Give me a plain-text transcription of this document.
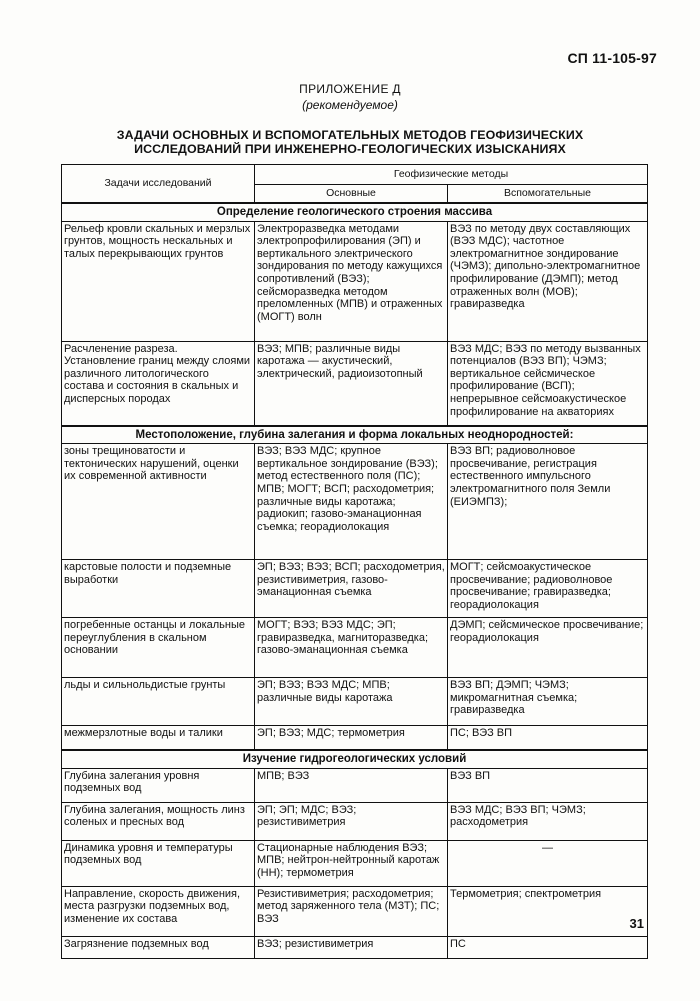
СП 11-105-97
ПРИЛОЖЕНИЕ Д
(рекомендуемое)
ЗАДАЧИ ОСНОВНЫХ И ВСПОМОГАТЕЛЬНЫХ МЕТОДОВ ГЕОФИЗИЧЕСКИХ
ИССЛЕДОВАНИЙ ПРИ ИНЖЕНЕРНО-ГЕОЛОГИЧЕСКИХ ИЗЫСКАНИЯХ
Задачи исследований	Геофизические методы	
	Основные	Вспомогательные
Определение геологического строения массива		
Рельеф кровли скальных и мерзлых грунтов, мощность нескальных и талых перекрывающих грунтов	Электроразведка методами электропрофилирования (ЭП) и вертикального электрического зондирования по методу кажущихся сопротивлений (ВЭЗ); сейсморазведка методом преломленных (МПВ) и отраженных (МОГТ) волн	ВЭЗ по методу двух составляющих (ВЭЗ МДС); частотное электромагнитное зондирование (ЧЭМЗ); дипольно-электромагнитное профилирование (ДЭМП); метод отраженных волн (МОВ); гравиразведка
Расчленение разреза. Установление границ между слоями различного литологического состава и состояния в скальных и дисперсных породах	ВЭЗ; МПВ; различные виды каротажа — акустический, электрический, радиоизотопный	ВЭЗ МДС; ВЭЗ по методу вызванных потенциалов (ВЭЗ ВП); ЧЭМЗ; вертикальное сейсмическое профилирование (ВСП); непрерывное сейсмоакустическое профилирование на акваториях
Местоположение, глубина залегания и форма локальных неоднородностей:		
зоны трещиноватости и тектонических нарушений, оценки их современной активности	ВЭЗ; ВЭЗ МДС; крупное вертикальное зондирование (ВЭЗ); метод естественного поля (ПС); МПВ; МОГТ; ВСП; расходометрия; различные виды каротажа; радиокип; газово-эманационная съемка; георадиолокация	ВЭЗ ВП; радиоволновое просвечивание, регистрация естественного импульсного электромагнитного поля Земли (ЕИЭМПЗ);
карстовые полости и подземные выработки	ЭП; ВЭЗ; ВЭЗ; ВСП; расходометрия, резистивиметрия, газово-эманационная съемка	МОГТ; сейсмоакустическое просвечивание; радиоволновое просвечивание; гравиразведка; георадиолокация
погребенные останцы и локальные переуглубления в скальном основании	МОГТ; ВЭЗ; ВЭЗ МДС; ЭП; гравиразведка, магниторазведка; газово-эманационная съемка	ДЭМП; сейсмическое просвечивание; георадиолокация
льды и сильнольдистые грунты	ЭП; ВЭЗ; ВЭЗ МДС; МПВ; различные виды каротажа	ВЭЗ ВП; ДЭМП; ЧЭМЗ; микромагнитная съемка; гравиразведка
межмерзлотные воды и талики	ЭП; ВЭЗ; МДС; термометрия	ПС; ВЭЗ ВП
Изучение гидрогеологических условий		
Глубина залегания уровня подземных вод	МПВ; ВЭЗ	ВЭЗ ВП
Глубина залегания, мощность линз соленых и пресных вод	ЭП; ЭП; МДС; ВЭЗ; резистивиметрия	ВЭЗ МДС; ВЭЗ ВП; ЧЭМЗ; расходометрия
Динамика уровня и температуры подземных вод	Стационарные наблюдения ВЭЗ; МПВ; нейтрон-нейтронный каротаж (НН); термометрия	—

Направление, скорость движения, места разгрузки подземных вод, изменение их состава	Резистивиметрия; расходометрия; метод заряженного тела (МЗТ); ПС; ВЭЗ	Термометрия; спектрометрия
Загрязнение подземных вод	ВЭЗ; резистивиметрия	ПС
31
